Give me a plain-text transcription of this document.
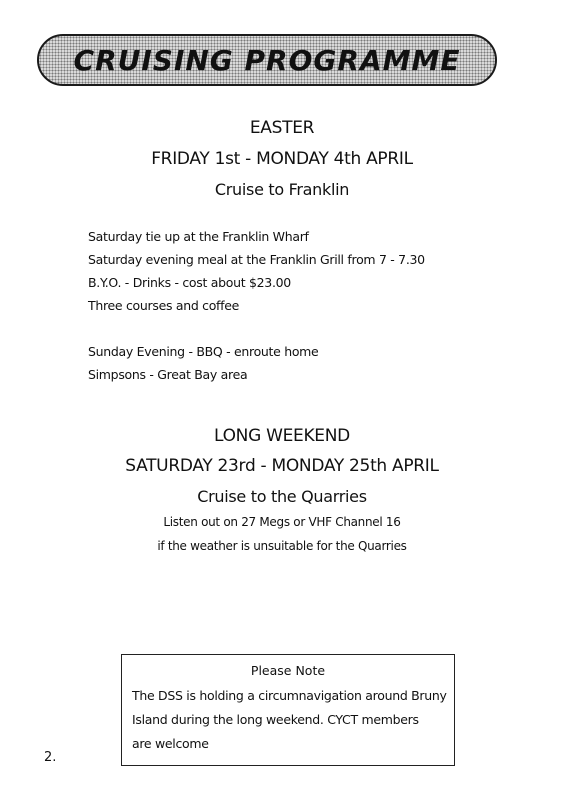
CRUISING PROGRAMME
EASTER
FRIDAY 1st - MONDAY 4th APRIL
Cruise to Franklin
Saturday tie up at the Franklin Wharf
Saturday evening meal at the Franklin Grill from 7 - 7.30
B.Y.O. - Drinks - cost about $23.00
Three courses and coffee
Sunday Evening - BBQ - enroute home
Simpsons - Great Bay area
LONG WEEKEND
SATURDAY 23rd - MONDAY 25th APRIL
Cruise to the Quarries
Listen out on 27 Megs or VHF Channel 16
if the weather is unsuitable for the Quarries
Please Note
The DSS is holding a circumnavigation around Bruny
Island during the long weekend. CYCT members
are welcome
2.
